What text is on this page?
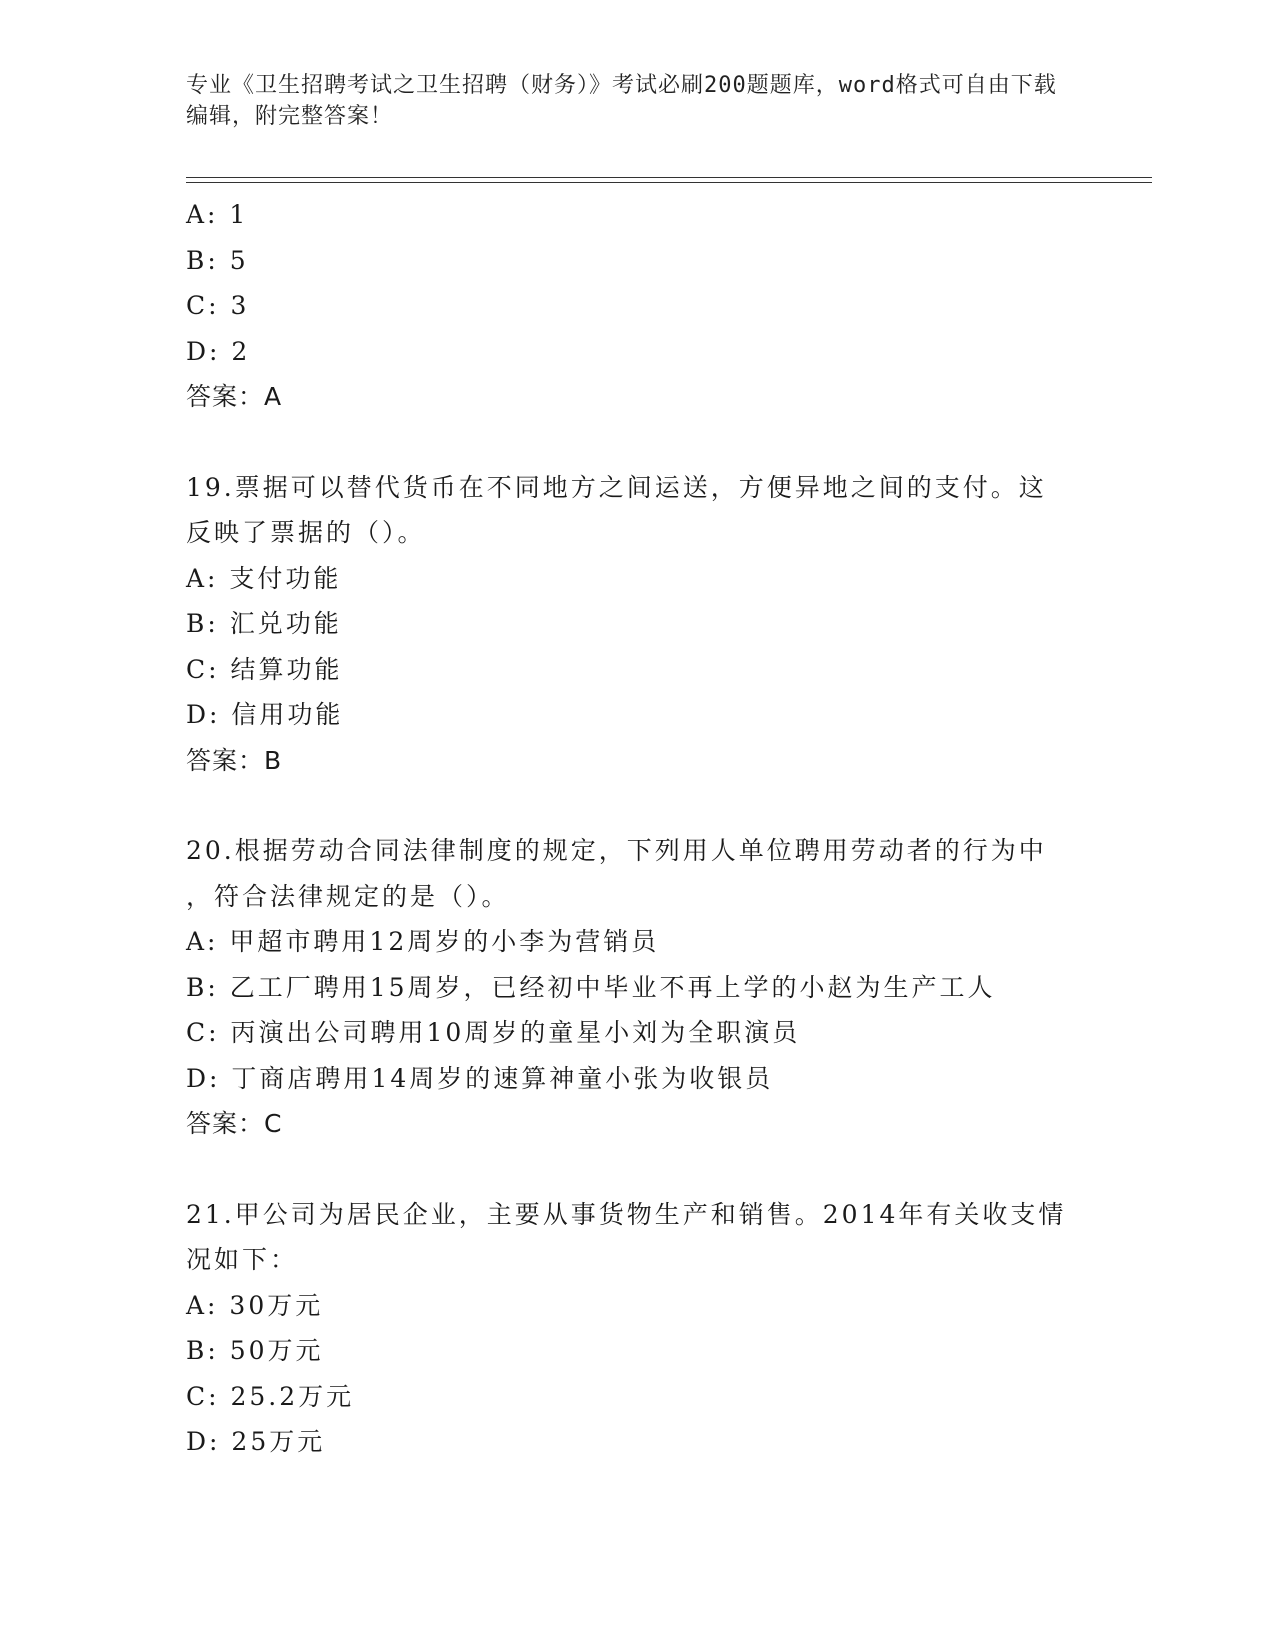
专业《卫生招聘考试之卫生招聘（财务）》考试必刷200题题库，word格式可自由下载编辑，附完整答案！

A: 1

B: 5

C: 3

D: 2

答案：A

19.票据可以替代货币在不同地方之间运送，方便异地之间的支付。这

反映了票据的（）。

A: 支付功能

B: 汇兑功能

C: 结算功能

D: 信用功能

答案：B

20.根据劳动合同法律制度的规定，下列用人单位聘用劳动者的行为中

，符合法律规定的是（）。

A: 甲超市聘用12周岁的小李为营销员

B: 乙工厂聘用15周岁，已经初中毕业不再上学的小赵为生产工人

C: 丙演出公司聘用10周岁的童星小刘为全职演员

D: 丁商店聘用14周岁的速算神童小张为收银员

答案：C

21.甲公司为居民企业，主要从事货物生产和销售。2014年有关收支情

况如下：

A: 30万元

B: 50万元

C: 25.2万元

D: 25万元
